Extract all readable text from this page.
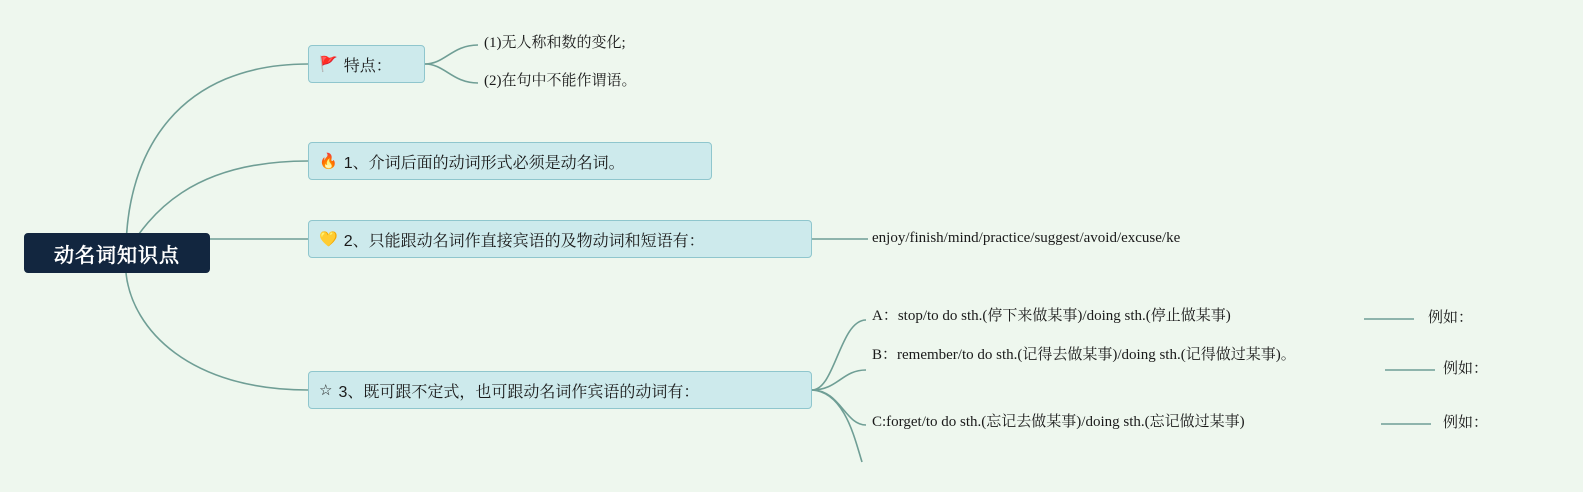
动名词知识点
🚩 特点：
(1)无人称和数的变化;
(2)在句中不能作谓语。
🔥 1、介词后面的动词形式必须是动名词。
💛 2、只能跟动名词作直接宾语的及物动词和短语有：	enjoy/finish/mind/practice/suggest/avoid/excuse/ke
☆ 3、既可跟不定式，也可跟动名词作宾语的动词有：
A：stop/to do sth.(停下来做某事)/doing sth.(停止做某事)
B：remember/to do sth.(记得去做某事)/doing sth.(记得做过某事)。
C:forget/to do sth.(忘记去做某事)/doing sth.(忘记做过某事)
例如：
例如：
例如：
